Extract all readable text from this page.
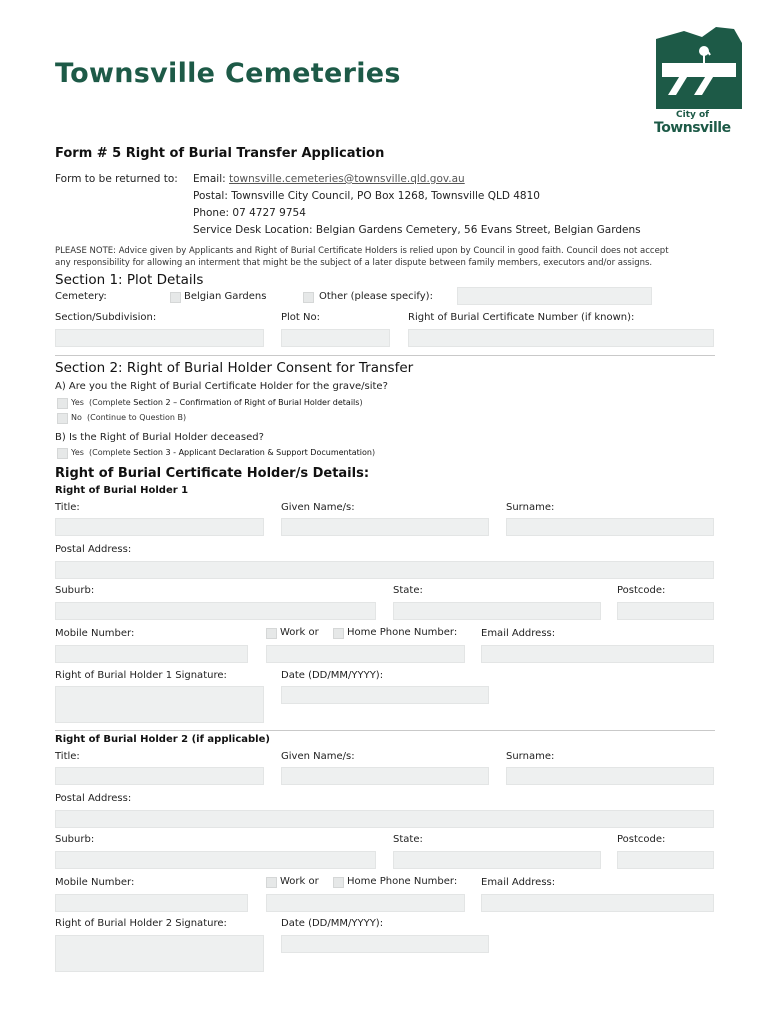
Townsville Cemeteries
City of
Townsville
Form # 5 Right of Burial Transfer Application
Form to be returned to: Email: townsville.cemeteries@townsville.qld.gov.au
Postal: Townsville City Council, PO Box 1268, Townsville QLD 4810
Phone: 07 4727 9754
Service Desk Location: Belgian Gardens Cemetery, 56 Evans Street, Belgian Gardens
PLEASE NOTE: Advice given by Applicants and Right of Burial Certificate Holders is relied upon by Council in good faith. Council does not accept
any responsibility for allowing an interment that might be the subject of a later dispute between family members, executors and/or assigns.
Section 1: Plot Details
Cemetery:	Belgian Gardens	Other (please specify):
Section/Subdivision:	Plot No:	Right of Burial Certificate Number (if known):
Section 2: Right of Burial Holder Consent for Transfer
A) Are you the Right of Burial Certificate Holder for the grave/site?
Yes (Complete Section 2 – Confirmation of Right of Burial Holder details)
No (Continue to Question B)
B) Is the Right of Burial Holder deceased?
Yes (Complete Section 3 - Applicant Declaration & Support Documentation)
Right of Burial Certificate Holder/s Details:
Right of Burial Holder 1
Title:	Given Name/s:	Surname:
Postal Address:
Suburb:	State:	Postcode:
Mobile Number:	Work or	Home Phone Number: Email Address:
Right of Burial Holder 1 Signature:	Date (DD/MM/YYYY):
Right of Burial Holder 2 (if applicable)
Title:	Given Name/s:	Surname:
Postal Address:
Suburb:	State:	Postcode:
Mobile Number:	Work or	Home Phone Number: Email Address:
Right of Burial Holder 2 Signature:	Date (DD/MM/YYYY):
